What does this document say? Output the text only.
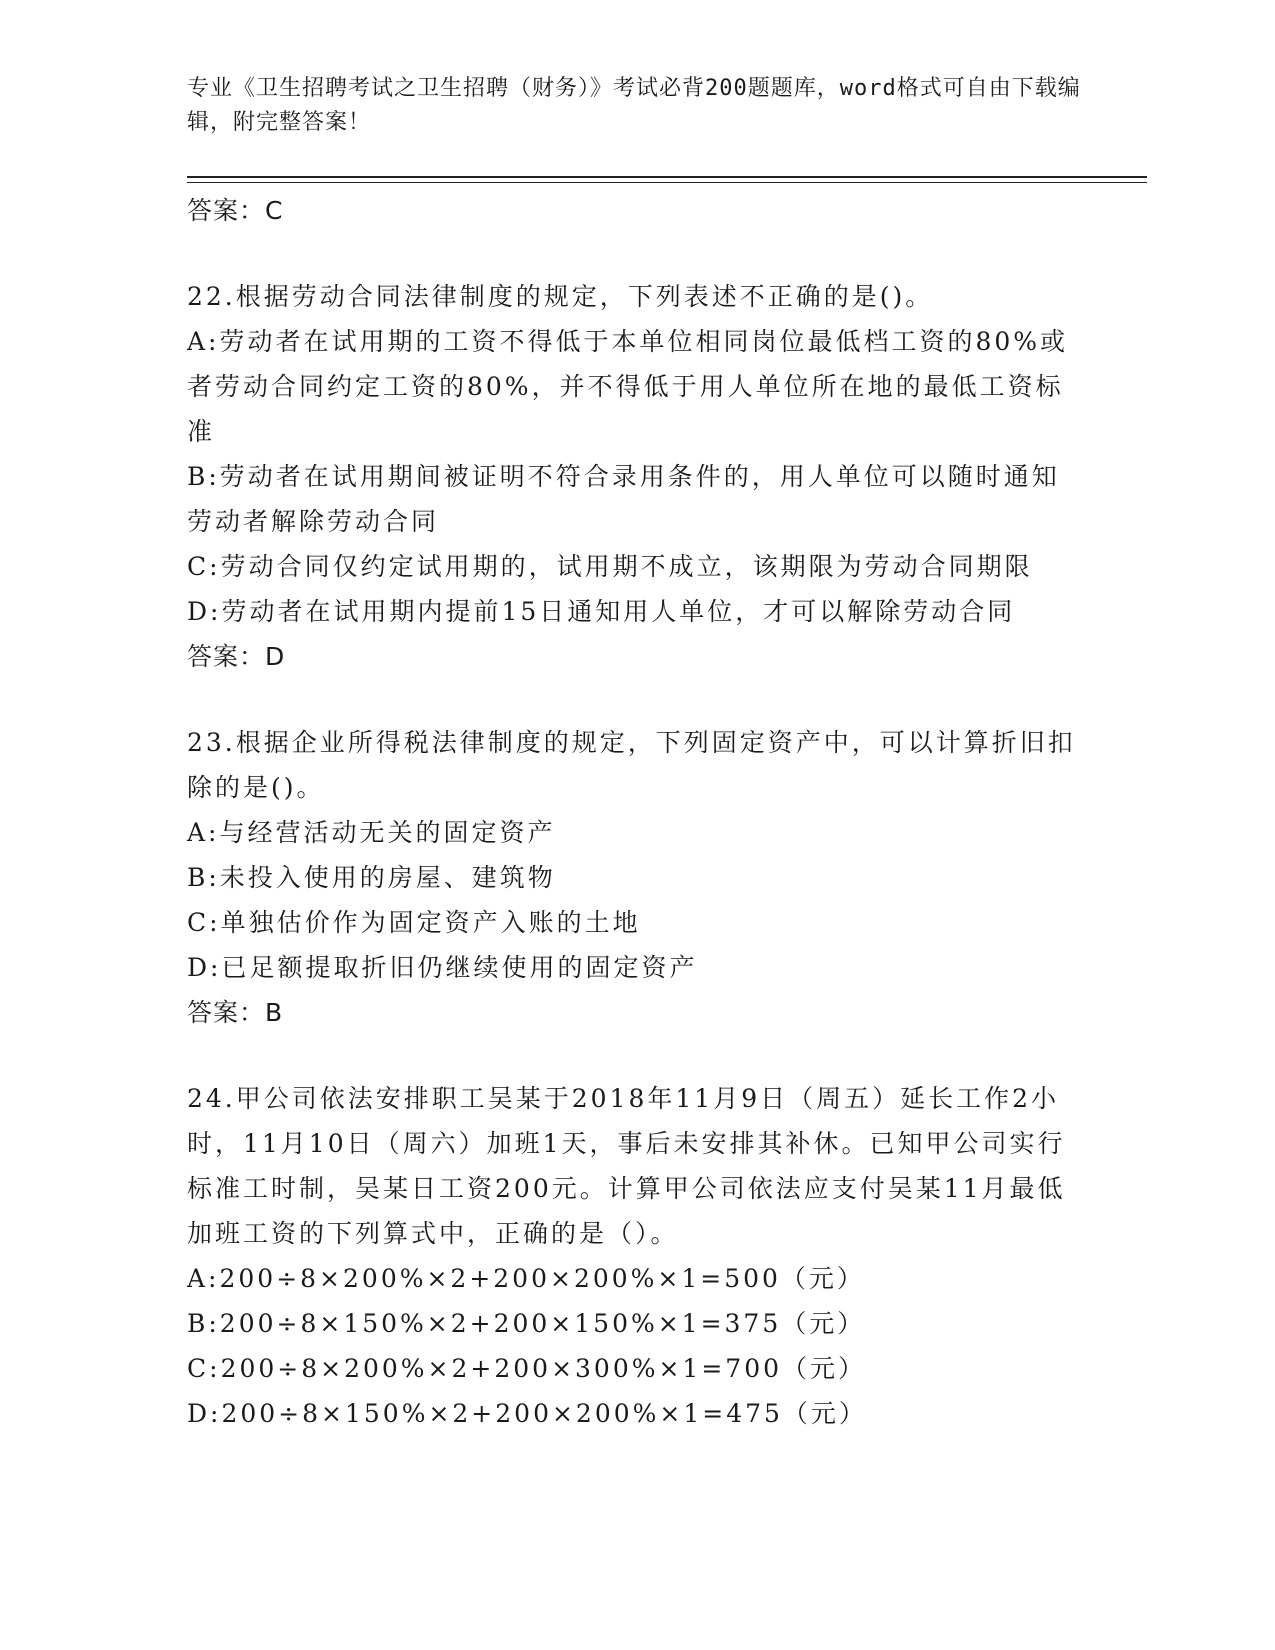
专业《卫生招聘考试之卫生招聘（财务）》考试必背200题题库，word格式可自由下载编辑，附完整答案！
答案：C
22.根据劳动合同法律制度的规定，下列表述不正确的是()。
A:劳动者在试用期的工资不得低于本单位相同岗位最低档工资的80%或者劳动合同约定工资的80%，并不得低于用人单位所在地的最低工资标准
B:劳动者在试用期间被证明不符合录用条件的，用人单位可以随时通知劳动者解除劳动合同
C:劳动合同仅约定试用期的，试用期不成立，该期限为劳动合同期限
D:劳动者在试用期内提前15日通知用人单位，才可以解除劳动合同
答案：D
23.根据企业所得税法律制度的规定，下列固定资产中，可以计算折旧扣除的是()。
A:与经营活动无关的固定资产
B:未投入使用的房屋、建筑物
C:单独估价作为固定资产入账的土地
D:已足额提取折旧仍继续使用的固定资产
答案：B
24.甲公司依法安排职工吴某于2018年11月9日（周五）延长工作2小时，11月10日（周六）加班1天，事后未安排其补休。已知甲公司实行标准工时制，吴某日工资200元。计算甲公司依法应支付吴某11月最低加班工资的下列算式中，正确的是（）。
A:200÷8×200%×2+200×200%×1=500（元）
B:200÷8×150%×2+200×150%×1=375（元）
C:200÷8×200%×2+200×300%×1=700（元）
D:200÷8×150%×2+200×200%×1=475（元）
